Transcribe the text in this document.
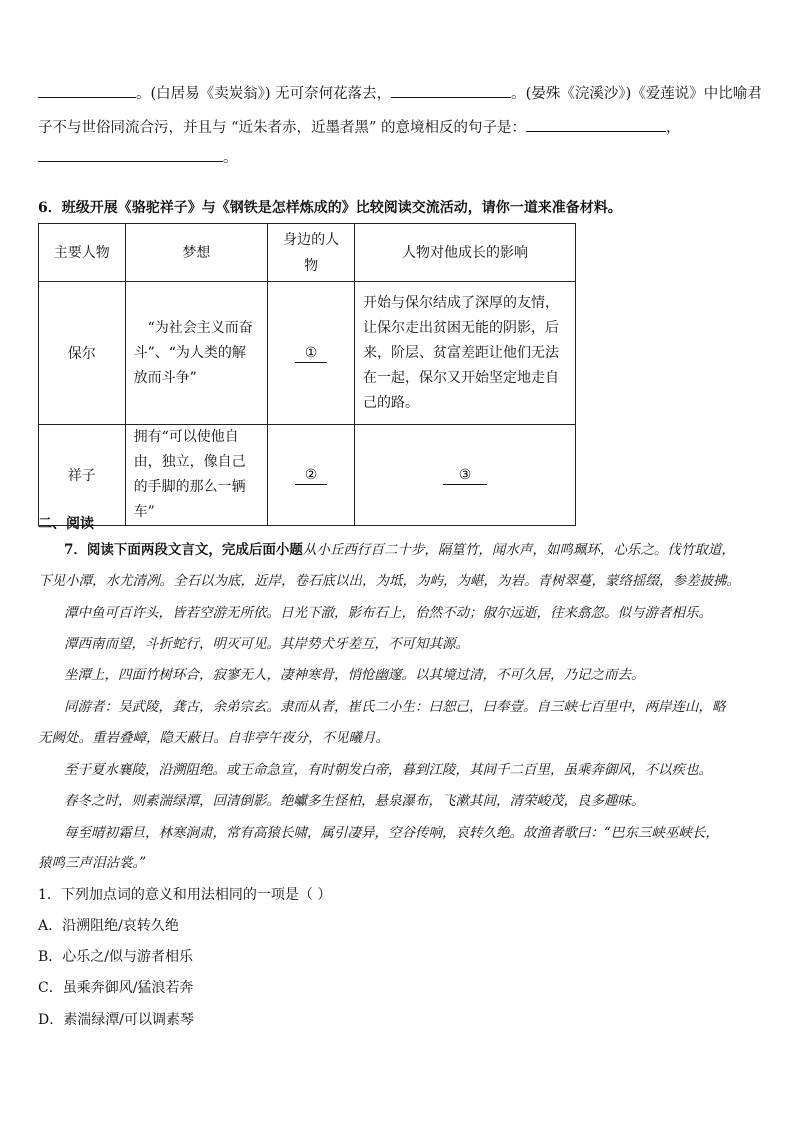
。(白居易《卖炭翁》) 无可奈何花落去，	。(晏殊《浣溪沙》)《爱莲说》中比喻君
子不与世俗同流合污，并且与 “近朱者赤，近墨者黑” 的意境相反的句子是：	，
。
6．班级开展《骆驼祥子》与《钢铁是怎样炼成的》比较阅读交流活动，请你一道来准备材料。
主要人物	梦想	身边的人物	人物对他成长的影响
保尔	“为社会主义而奋斗”、“为人类的解放而斗争”	①	开始与保尔结成了深厚的友情，让保尔走出贫困无能的阴影，后来，阶层、贫富差距让他们无法在一起，保尔又开始坚定地走自己的路。

祥子	拥有“可以使他自由，独立，像自己的手脚的那么一辆车”	②	③
二、阅读
7．阅读下面两段文言文，完成后面小题从小丘西行百二十步，隔篁竹，闻水声，如鸣珮环，心乐之。伐竹取道，
下见小潭，水尤清冽。全石以为底，近岸，卷石底以出，为坻，为屿，为嵁，为岩。青树翠蔓，蒙络摇缀，参差披拂。
潭中鱼可百许头，皆若空游无所依。日光下澈，影布石上，佁然不动；俶尔远逝，往来翕忽。似与游者相乐。
潭西南而望，斗折蛇行，明灭可见。其岸势犬牙差互，不可知其源。
坐潭上，四面竹树环合，寂寥无人，凄神寒骨，悄怆幽邃。以其境过清，不可久居，乃记之而去。
同游者：吴武陵，龚古，余弟宗玄。隶而从者，崔氏二小生：曰恕己，曰奉壹。自三峡七百里中，两岸连山，略
无阙处。重岩叠嶂，隐天蔽日。自非亭午夜分，不见曦月。
至于夏水襄陵，沿溯阻绝。或王命急宣，有时朝发白帝，暮到江陵，其间千二百里，虽乘奔御风，不以疾也。
春冬之时，则素湍绿潭，回清倒影。绝巘多生怪柏，悬泉瀑布，飞漱其间，清荣峻茂，良多趣味。
每至晴初霜旦，林寒涧肃，常有高猿长啸，属引凄异，空谷传响，哀转久绝。故渔者歌曰：“巴东三峡巫峡长，
猿鸣三声泪沾裳。”
1．下列加点词的意义和用法相同的一项是（ ）
A．沿溯阻绝/哀转久绝
B．心乐之/似与游者相乐
C．虽乘奔御风/猛浪若奔
D．素湍绿潭/可以调素琴
